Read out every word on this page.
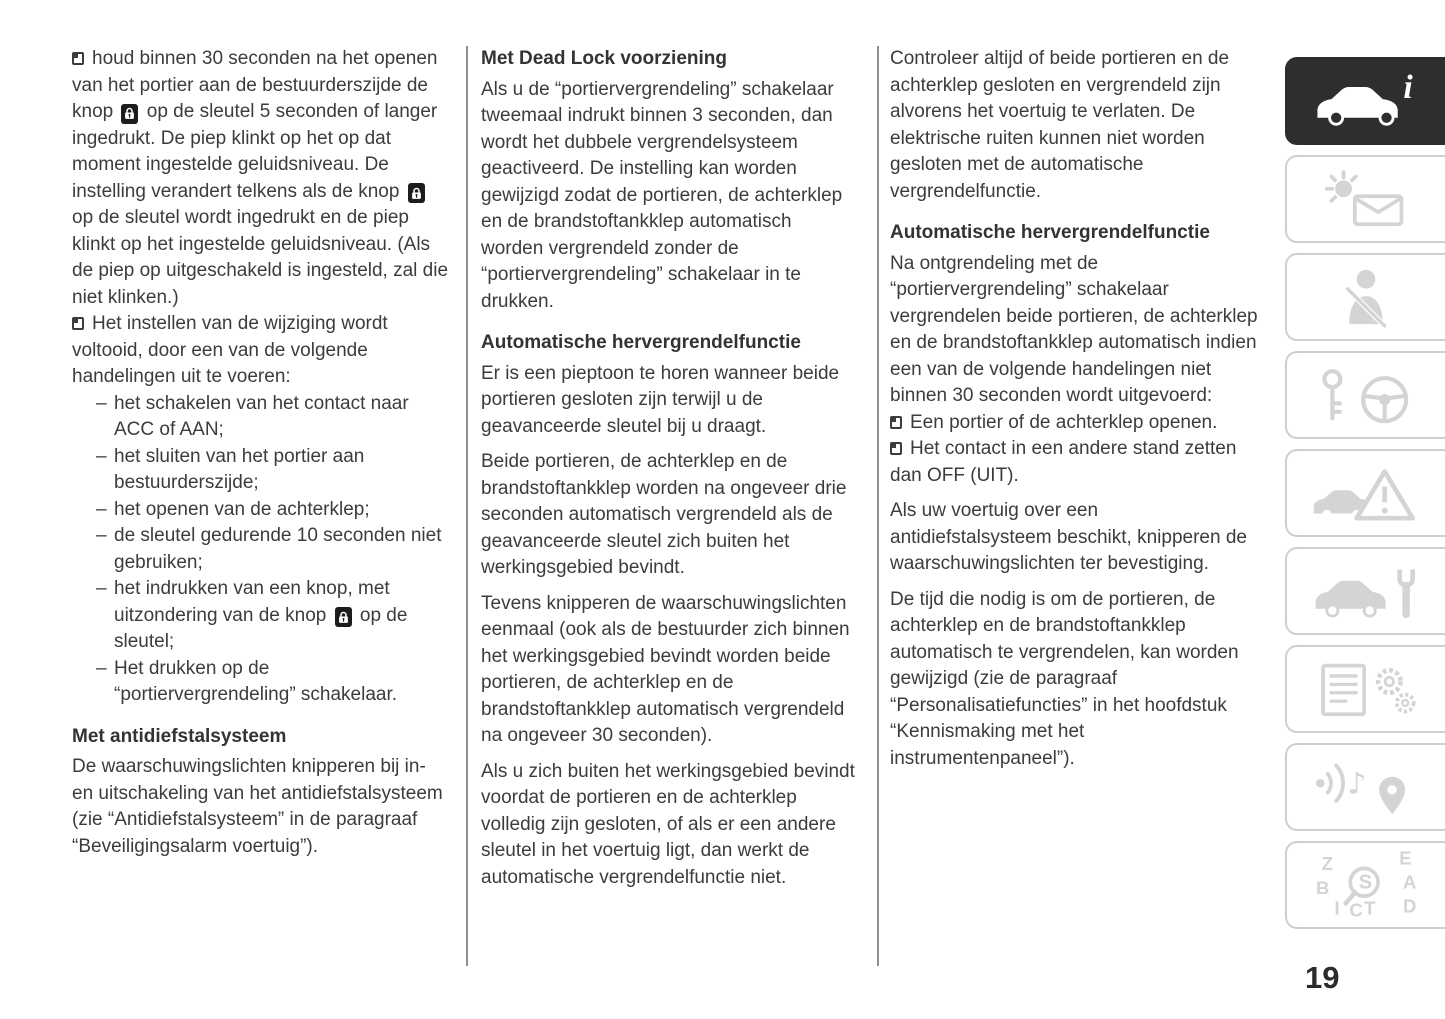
houd binnen 30 seconden na het openen van het portier aan de bestuurderszijde de knop
op de sleutel 5 seconden of langer ingedrukt. De piep klinkt op het op dat moment ingestelde geluidsniveau. De instelling verandert telkens als de knop
op de sleutel wordt ingedrukt en de piep klinkt op het ingestelde geluidsniveau. (Als de piep op uitgeschakeld is ingesteld, zal die niet klinken.)
Het instellen van de wijziging wordt voltooid, door een van de volgende handelingen uit te voeren:
– het schakelen van het contact naar ACC of AAN;
– het sluiten van het portier aan bestuurderszijde;
– het openen van de achterklep;
– de sleutel gedurende 10 seconden niet gebruiken;
– het indrukken van een knop, met uitzondering van de knop
op de sleutel;
– Het drukken op de “portiervergrendeling” schakelaar.
Met antidiefstalsysteem
De waarschuwingslichten knipperen bij in- en uitschakeling van het antidiefstalsysteem (zie “Antidiefstalsysteem” in de paragraaf “Beveiligingsalarm voertuig”).
Met Dead Lock voorziening
Als u de “portiervergrendeling” schakelaar tweemaal indrukt binnen 3 seconden, dan wordt het dubbele vergrendelsysteem geactiveerd. De instelling kan worden gewijzigd zodat de portieren, de achterklep en de brandstoftankklep automatisch worden vergrendeld zonder de “portiervergrendeling” schakelaar in te drukken.
Automatische hervergrendelfunctie
Er is een pieptoon te horen wanneer beide portieren gesloten zijn terwijl u de geavanceerde sleutel bij u draagt.
Beide portieren, de achterklep en de brandstoftankklep worden na ongeveer drie seconden automatisch vergrendeld als de geavanceerde sleutel zich buiten het werkingsgebied bevindt.
Tevens knipperen de waarschuwingslichten eenmaal (ook als de bestuurder zich binnen het werkingsgebied bevindt worden beide portieren, de achterklep en de brandstoftankklep automatisch vergrendeld na ongeveer 30 seconden).
Als u zich buiten het werkingsgebied bevindt voordat de portieren en de achterklep volledig zijn gesloten, of als er een andere sleutel in het voertuig ligt, dan werkt de automatische vergrendelfunctie niet.
Controleer altijd of beide portieren en de achterklep gesloten en vergrendeld zijn alvorens het voertuig te verlaten. De elektrische ruiten kunnen niet worden gesloten met de automatische vergrendelfunctie.
Automatische hervergrendelfunctie
Na ontgrendeling met de “portiervergrendeling” schakelaar vergrendelen beide portieren, de achterklep en de brandstoftankklep automatisch indien een van de volgende handelingen niet binnen 30 seconden wordt uitgevoerd:
Een portier of de achterklep openen.
Het contact in een andere stand zetten dan OFF (UIT).
Als uw voertuig over een antidiefstalsysteem beschikt, knipperen de waarschuwingslichten ter bevestiging.
De tijd die nodig is om de portieren, de achterklep en de brandstoftankklep automatisch te vergrendelen, kan worden gewijzigd (zie de paragraaf “Personalisatiefuncties” in het hoofdstuk “Kennismaking met het instrumentenpaneel”).
i
♪
Z	E
B	A
S
D
I C T
19
